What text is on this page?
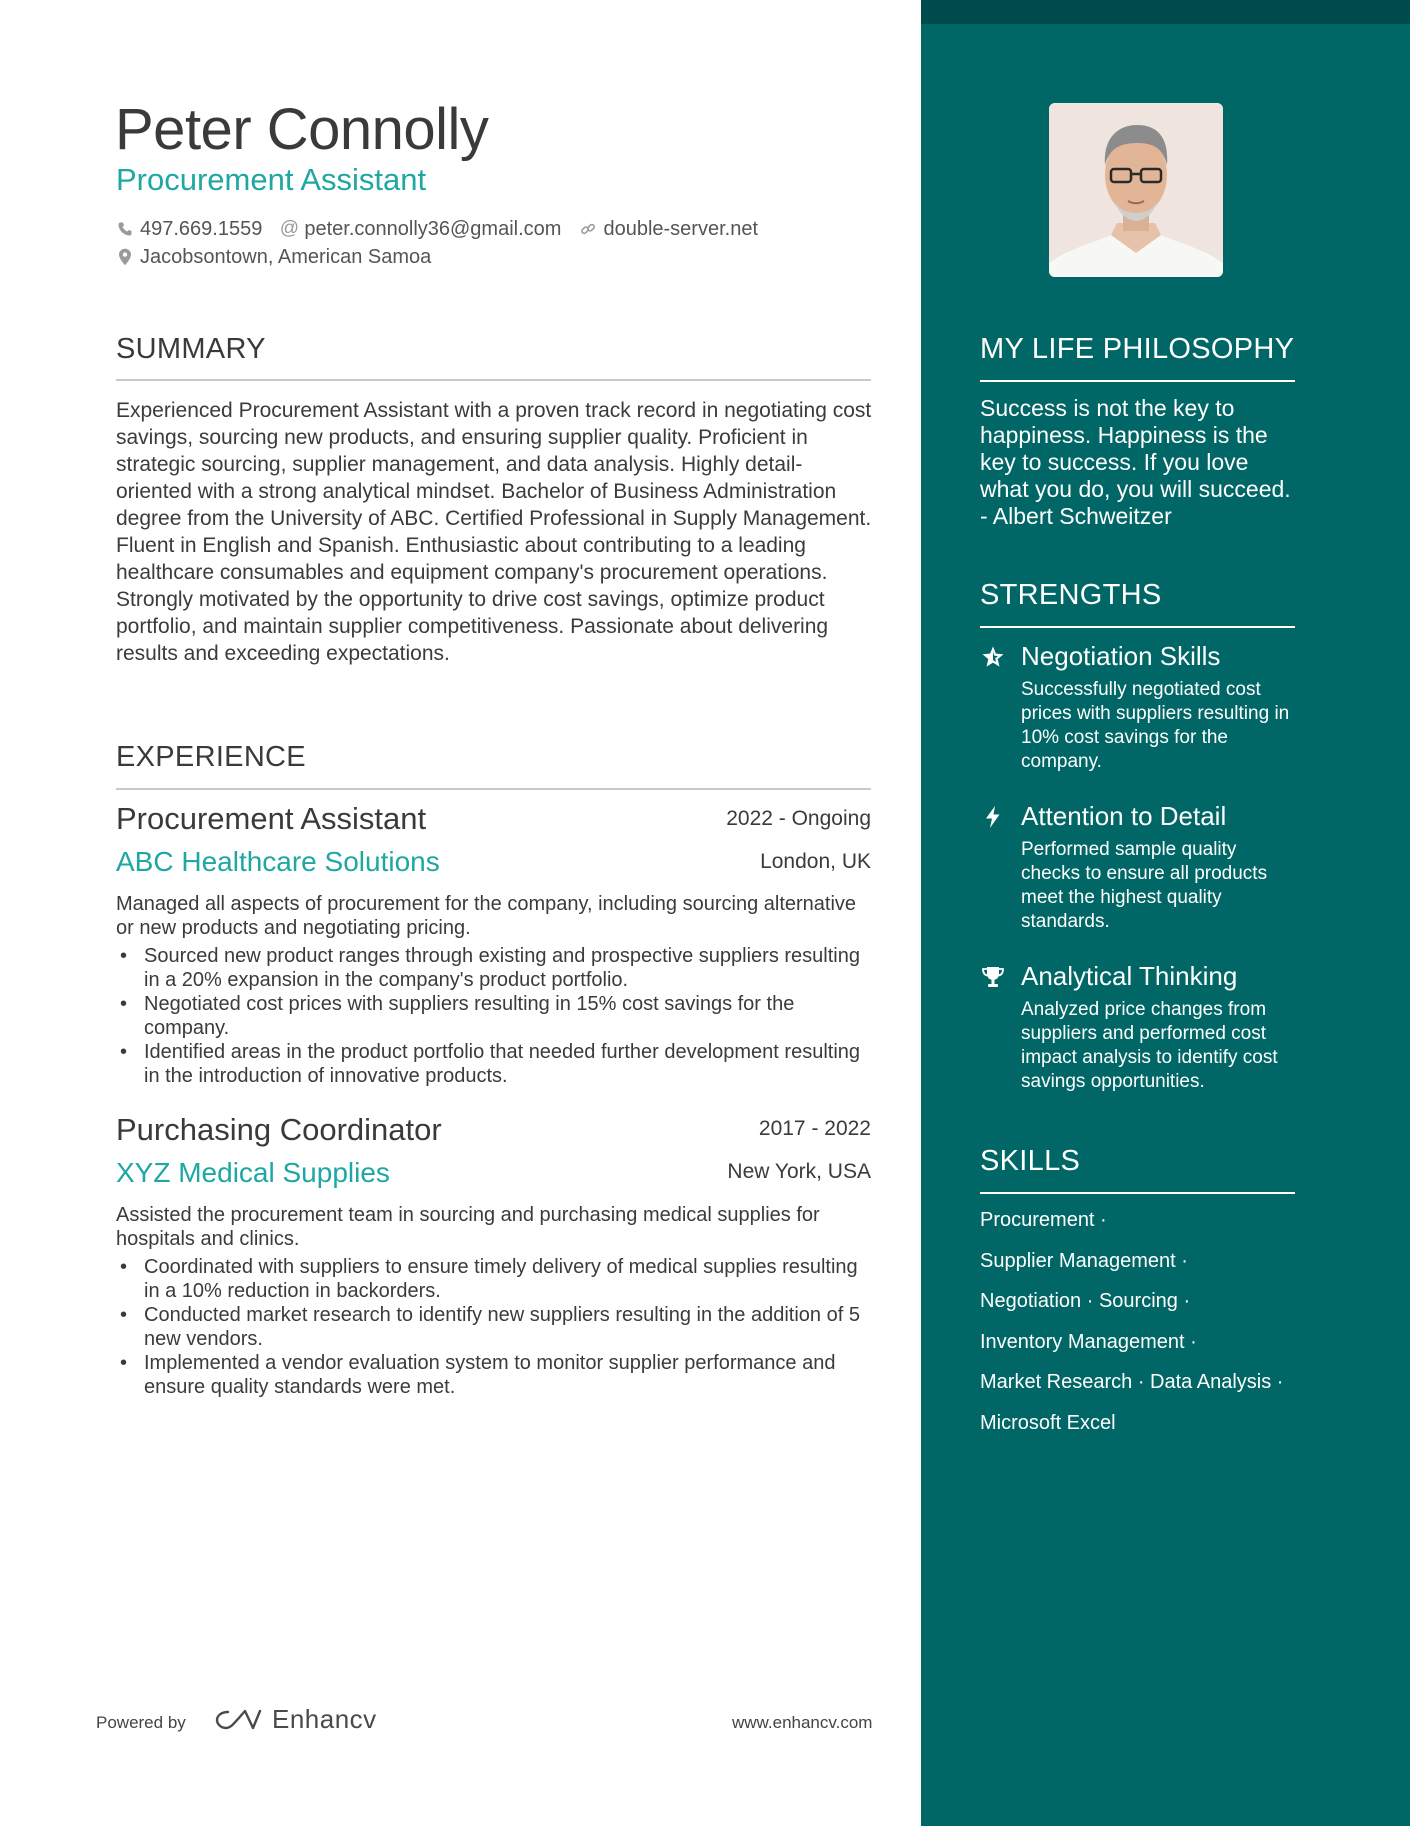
Peter Connolly
Procurement Assistant
497.669.1559 @ peter.connolly36@gmail.com double-server.net
Jacobsontown, American Samoa
SUMMARY
Experienced Procurement Assistant with a proven track record in negotiating cost savings, sourcing new products, and ensuring supplier quality. Proficient in strategic sourcing, supplier management, and data analysis. Highly detail-oriented with a strong analytical mindset. Bachelor of Business Administration degree from the University of ABC. Certified Professional in Supply Management. Fluent in English and Spanish. Enthusiastic about contributing to a leading healthcare consumables and equipment company's procurement operations. Strongly motivated by the opportunity to drive cost savings, optimize product portfolio, and maintain supplier competitiveness. Passionate about delivering results and exceeding expectations.
EXPERIENCE
Procurement Assistant	2022 - Ongoing
ABC Healthcare Solutions	London, UK
Managed all aspects of procurement for the company, including sourcing alternative or new products and negotiating pricing.
• Sourced new product ranges through existing and prospective suppliers resulting in a 20% expansion in the company's product portfolio.
• Negotiated cost prices with suppliers resulting in 15% cost savings for the company.
• Identified areas in the product portfolio that needed further development resulting in the introduction of innovative products.
Purchasing Coordinator	2017 - 2022
XYZ Medical Supplies	New York, USA
Assisted the procurement team in sourcing and purchasing medical supplies for hospitals and clinics.
• Coordinated with suppliers to ensure timely delivery of medical supplies resulting in a 10% reduction in backorders.
• Conducted market research to identify new suppliers resulting in the addition of 5 new vendors.
• Implemented a vendor evaluation system to monitor supplier performance and ensure quality standards were met.
Powered by	Enhancv	www.enhancv.com
MY LIFE PHILOSOPHY
Success is not the key to happiness. Happiness is the key to success. If you love what you do, you will succeed. - Albert Schweitzer
STRENGTHS
Negotiation Skills
Successfully negotiated cost prices with suppliers resulting in 10% cost savings for the company.
Attention to Detail
Performed sample quality checks to ensure all products meet the highest quality standards.
Analytical Thinking
Analyzed price changes from suppliers and performed cost impact analysis to identify cost savings opportunities.
SKILLS
Procurement ·
Supplier Management ·
Negotiation · Sourcing ·
Inventory Management ·
Market Research · Data Analysis ·
Microsoft Excel
